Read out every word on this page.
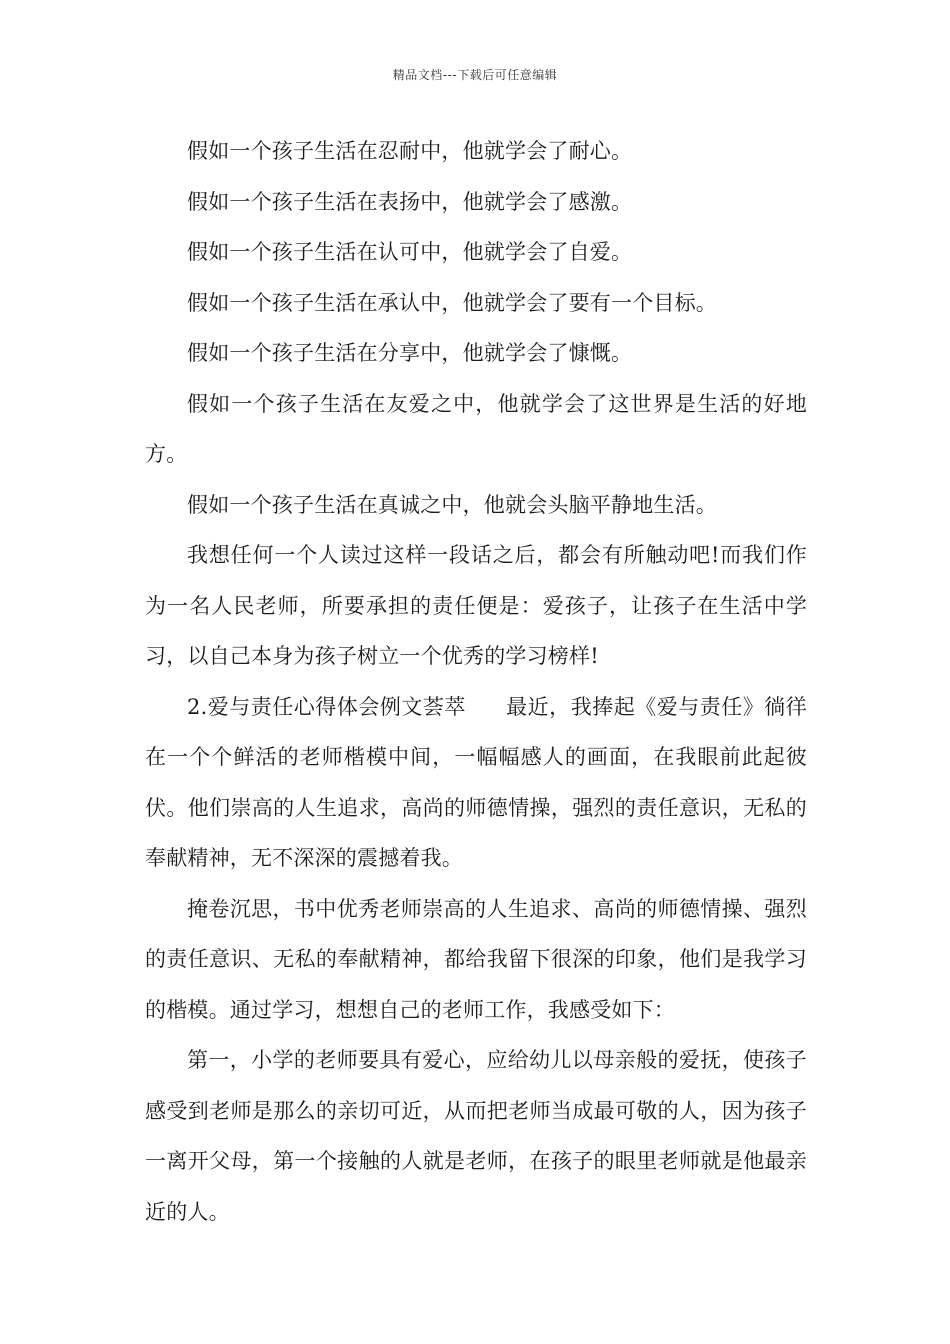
精品文档---下载后可任意编辑

假如一个孩子生活在忍耐中，他就学会了耐心。

假如一个孩子生活在表扬中，他就学会了感激。

假如一个孩子生活在认可中，他就学会了自爱。

假如一个孩子生活在承认中，他就学会了要有一个目标。

假如一个孩子生活在分享中，他就学会了慷慨。

假如一个孩子生活在友爱之中，他就学会了这世界是生活的好地方。

假如一个孩子生活在真诚之中，他就会头脑平静地生活。

我想任何一个人读过这样一段话之后，都会有所触动吧!而我们作为一名人民老师，所要承担的责任便是：爱孩子，让孩子在生活中学习，以自己本身为孩子树立一个优秀的学习榜样!

2.爱与责任心得体会例文荟萃 最近，我捧起《爱与责任》徜徉在一个个鲜活的老师楷模中间，一幅幅感人的画面，在我眼前此起彼伏。他们崇高的人生追求，高尚的师德情操，强烈的责任意识，无私的奉献精神，无不深深的震撼着我。

掩卷沉思，书中优秀老师崇高的人生追求、高尚的师德情操、强烈的责任意识、无私的奉献精神，都给我留下很深的印象，他们是我学习的楷模。通过学习，想想自己的老师工作，我感受如下：

第一，小学的老师要具有爱心，应给幼儿以母亲般的爱抚，使孩子感受到老师是那么的亲切可近，从而把老师当成最可敬的人，因为孩子一离开父母，第一个接触的人就是老师，在孩子的眼里老师就是他最亲近的人。
